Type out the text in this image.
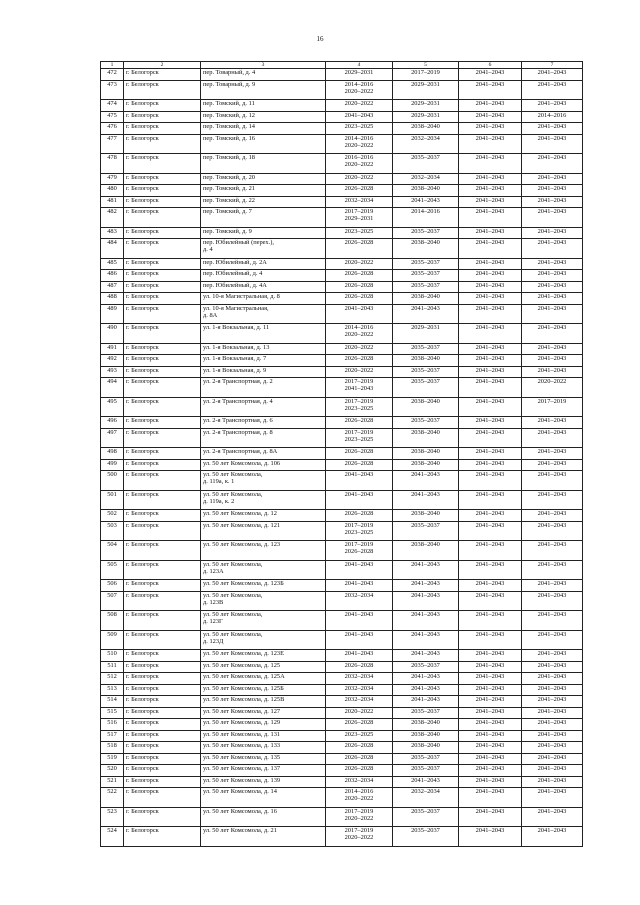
16
1	2	3	4	5	6	7

472	г. Белогорск	пер. Товарный, д. 4	2029–2031	2017–2019	2041–2043	2041–2043

473	г. Белогорск	пер. Товарный, д. 9	2014–2016
2020–2022	2029–2031	2041–2043	2041–2043

474	г. Белогорск	пер. Томский, д. 11	2020–2022	2029–2031	2041–2043	2041–2043

475	г. Белогорск	пер. Томский, д. 12	2041–2043	2029–2031	2041–2043	2014–2016

476	г. Белогорск	пер. Томский, д. 14	2023–2025	2038–2040	2041–2043	2041–2043

477	г. Белогорск	пер. Томский, д. 16	2014–2016
2020–2022	2032–2034	2041–2043	2041–2043

478	г. Белогорск	пер. Томский, д. 18	2016–2016
2020–2022	2035–2037	2041–2043	2041–2043

479	г. Белогорск	пер. Томский, д. 20	2020–2022	2032–2034	2041–2043	2041–2043

480	г. Белогорск	пер. Томский, д. 21	2026–2028	2038–2040	2041–2043	2041–2043

481	г. Белогорск	пер. Томский, д. 22	2032–2034	2041–2043	2041–2043	2041–2043

482	г. Белогорск	пер. Томский, д. 7	2017–2019
2029–2031	2014–2016	2041–2043	2041–2043

483	г. Белогорск	пер. Томский, д. 9	2023–2025	2035–2037	2041–2043	2041–2043

484	г. Белогорск	пер. Юбилейный (перех.),
д. 4	2026–2028	2038–2040	2041–2043	2041–2043

485	г. Белогорск	пер. Юбилейный, д. 2А	2020–2022	2035–2037	2041–2043	2041–2043

486	г. Белогорск	пер. Юбилейный, д. 4	2026–2028	2035–2037	2041–2043	2041–2043

487	г. Белогорск	пер. Юбилейный, д. 4А	2026–2028	2035–2037	2041–2043	2041–2043

488	г. Белогорск	ул. 10-я Магистральная, д. 8	2026–2028	2038–2040	2041–2043	2041–2043

489	г. Белогорск	ул. 10-я Магистральная,
д. 8А	2041–2043	2041–2043	2041–2043	2041–2043

490	г. Белогорск	ул. 1-я Вокзальная, д. 11	2014–2016
2020–2022	2029–2031	2041–2043	2041–2043

491	г. Белогорск	ул. 1-я Вокзальная, д. 13	2020–2022	2035–2037	2041–2043	2041–2043

492	г. Белогорск	ул. 1-я Вокзальная, д. 7	2026–2028	2038–2040	2041–2043	2041–2043

493	г. Белогорск	ул. 1-я Вокзальная, д. 9	2020–2022	2035–2037	2041–2043	2041–2043

494	г. Белогорск	ул. 2-я Транспортная, д. 2	2017–2019
2041–2043	2035–2037	2041–2043	2020–2022

495	г. Белогорск	ул. 2-я Транспортная, д. 4	2017–2019
2023–2025	2038–2040	2041–2043	2017–2019

496	г. Белогорск	ул. 2-я Транспортная, д. 6	2026–2028	2035–2037	2041–2043	2041–2043

497	г. Белогорск	ул. 2-я Транспортная, д. 8	2017–2019
2023–2025	2038–2040	2041–2043	2041–2043

498	г. Белогорск	ул. 2-я Транспортная, д. 8А	2026–2028	2038–2040	2041–2043	2041–2043

499	г. Белогорск	ул. 50 лет Комсомола, д. 106	2026–2028	2038–2040	2041–2043	2041–2043

500	г. Белогорск	ул. 50 лет Комсомола,
д. 119а, к. 1	2041–2043	2041–2043	2041–2043	2041–2043

501	г. Белогорск	ул. 50 лет Комсомола,
д. 119а, к. 2	2041–2043	2041–2043	2041–2043	2041–2043

502	г. Белогорск	ул. 50 лет Комсомола, д. 12	2026–2028	2038–2040	2041–2043	2041–2043

503	г. Белогорск	ул. 50 лет Комсомола, д. 121	2017–2019
2023–2025	2035–2037	2041–2043	2041–2043

504	г. Белогорск	ул. 50 лет Комсомола, д. 123	2017–2019
2026–2028	2038–2040	2041–2043	2041–2043

505	г. Белогорск	ул. 50 лет Комсомола,
д. 123А	2041–2043	2041–2043	2041–2043	2041–2043

506	г. Белогорск	ул. 50 лет Комсомола, д. 123Б	2041–2043	2041–2043	2041–2043	2041–2043

507	г. Белогорск	ул. 50 лет Комсомола,
д. 123В	2032–2034	2041–2043	2041–2043	2041–2043

508	г. Белогорск	ул. 50 лет Комсомола,
д. 123Г	2041–2043	2041–2043	2041–2043	2041–2043

509	г. Белогорск	ул. 50 лет Комсомола,
д. 123Д	2041–2043	2041–2043	2041–2043	2041–2043

510	г. Белогорск	ул. 50 лет Комсомола, д. 123Е	2041–2043	2041–2043	2041–2043	2041–2043

511	г. Белогорск	ул. 50 лет Комсомола, д. 125	2026–2028	2035–2037	2041–2043	2041–2043

512	г. Белогорск	ул. 50 лет Комсомола, д. 125А	2032–2034	2041–2043	2041–2043	2041–2043

513	г. Белогорск	ул. 50 лет Комсомола, д. 125Б	2032–2034	2041–2043	2041–2043	2041–2043

514	г. Белогорск	ул. 50 лет Комсомола, д. 125В	2032–2034	2041–2043	2041–2043	2041–2043

515	г. Белогорск	ул. 50 лет Комсомола, д. 127	2020–2022	2035–2037	2041–2043	2041–2043

516	г. Белогорск	ул. 50 лет Комсомола, д. 129	2026–2028	2038–2040	2041–2043	2041–2043

517	г. Белогорск	ул. 50 лет Комсомола, д. 131	2023–2025	2038–2040	2041–2043	2041–2043

518	г. Белогорск	ул. 50 лет Комсомола, д. 133	2026–2028	2038–2040	2041–2043	2041–2043

519	г. Белогорск	ул. 50 лет Комсомола, д. 135	2026–2028	2035–2037	2041–2043	2041–2043

520	г. Белогорск	ул. 50 лет Комсомола, д. 137	2026–2028	2035–2037	2041–2043	2041–2043

521	г. Белогорск	ул. 50 лет Комсомола, д. 139	2032–2034	2041–2043	2041–2043	2041–2043

522	г. Белогорск	ул. 50 лет Комсомола, д. 14	2014–2016
2020–2022	2032–2034	2041–2043	2041–2043

523	г. Белогорск	ул. 50 лет Комсомола, д. 16	2017–2019
2020–2022	2035–2037	2041–2043	2041–2043

524	г. Белогорск	ул. 50 лет Комсомола, д. 21	2017–2019
2020–2022	2035–2037	2041–2043	2041–2043
